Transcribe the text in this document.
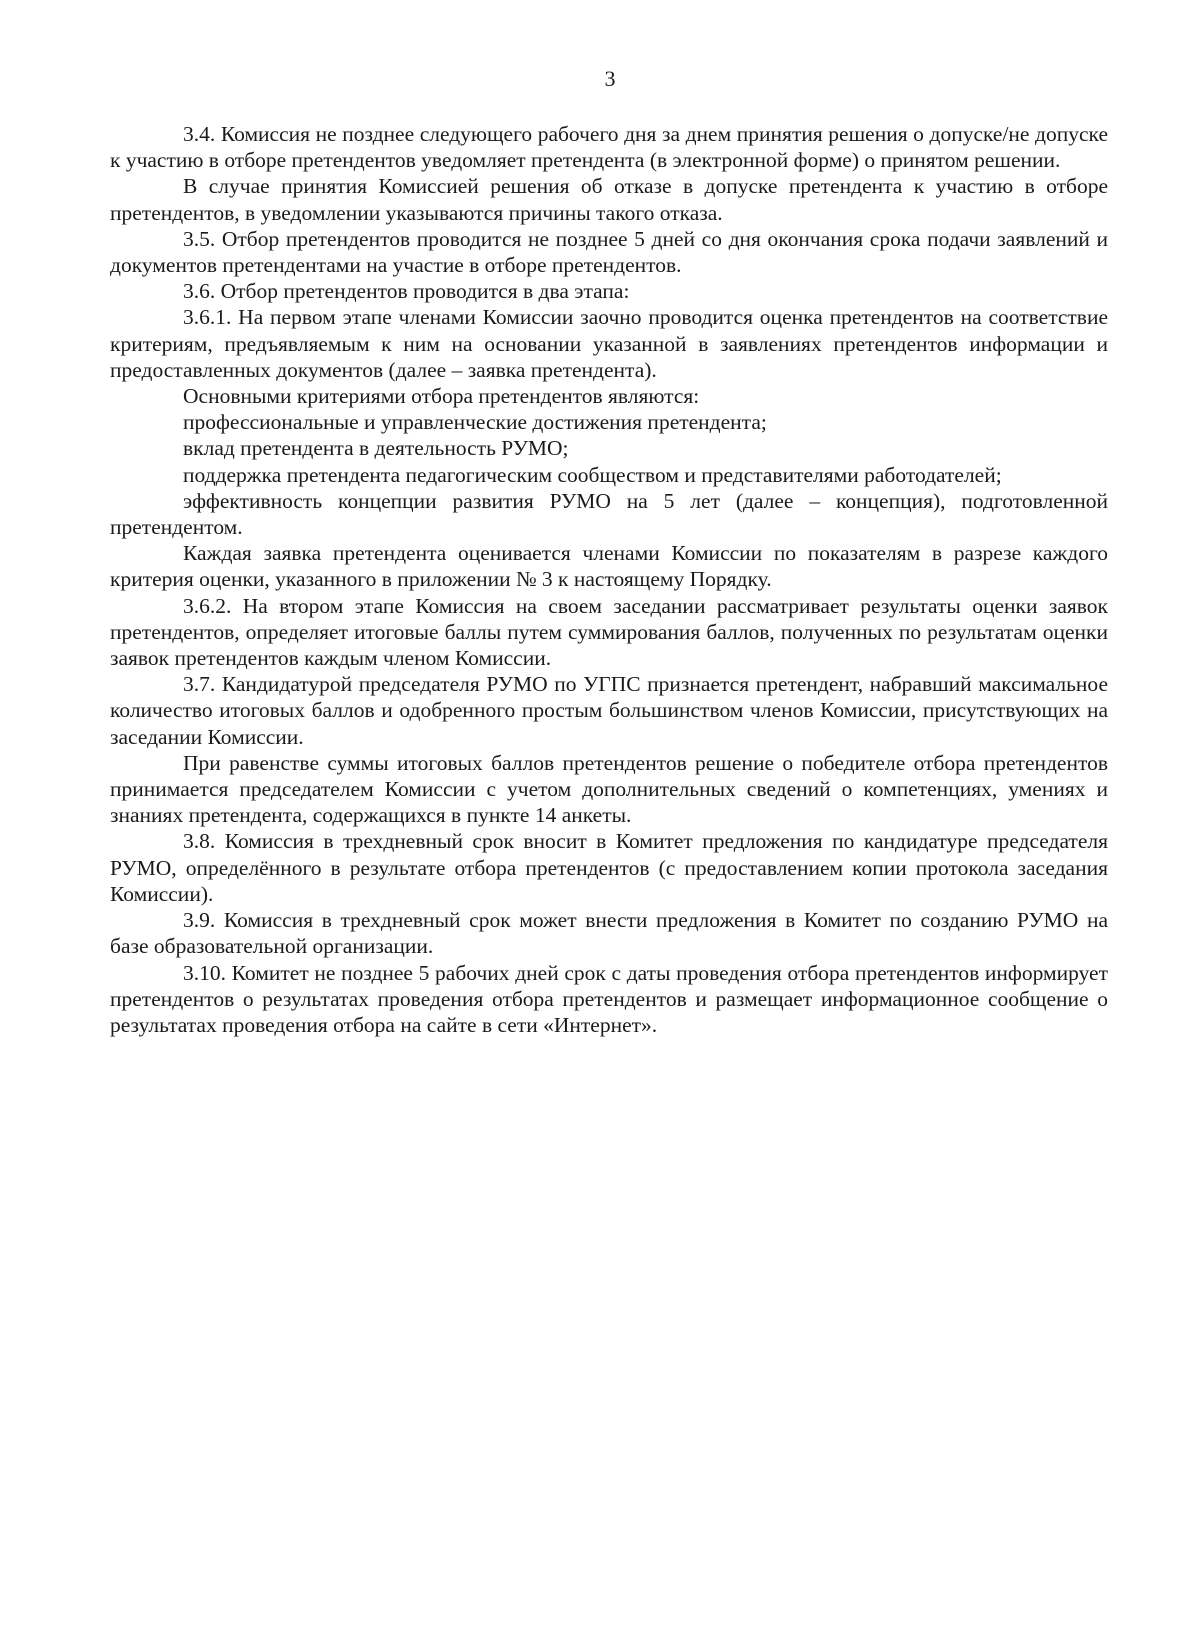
3

3.4. Комиссия не позднее следующего рабочего дня за днем принятия решения о допуске/не допуске к участию в отборе претендентов уведомляет претендента (в электронной форме) о принятом решении.

В случае принятия Комиссией решения об отказе в допуске претендента к участию в отборе претендентов, в уведомлении указываются причины такого отказа.

3.5. Отбор претендентов проводится не позднее 5 дней со дня окончания срока подачи заявлений и документов претендентами на участие в отборе претендентов.

3.6. Отбор претендентов проводится в два этапа:

3.6.1. На первом этапе членами Комиссии заочно проводится оценка претендентов на соответствие критериям, предъявляемым к ним на основании указанной в заявлениях претендентов информации и предоставленных документов (далее – заявка претендента).

Основными критериями отбора претендентов являются:

профессиональные и управленческие достижения претендента;

вклад претендента в деятельность РУМО;

поддержка претендента педагогическим сообществом и представителями работодателей;

эффективность концепции развития РУМО на 5 лет (далее – концепция), подготовленной претендентом.

Каждая заявка претендента оценивается членами Комиссии по показателям в разрезе каждого критерия оценки, указанного в приложении № 3 к настоящему Порядку.

3.6.2. На втором этапе Комиссия на своем заседании рассматривает результаты оценки заявок претендентов, определяет итоговые баллы путем суммирования баллов, полученных по результатам оценки заявок претендентов каждым членом Комиссии.

3.7. Кандидатурой председателя РУМО по УГПС признается претендент, набравший максимальное количество итоговых баллов и одобренного простым большинством членов Комиссии, присутствующих на заседании Комиссии.

При равенстве суммы итоговых баллов претендентов решение о победителе отбора претендентов принимается председателем Комиссии с учетом дополнительных сведений о компетенциях, умениях и знаниях претендента, содержащихся в пункте 14 анкеты.

3.8. Комиссия в трехдневный срок вносит в Комитет предложения по кандидатуре председателя РУМО, определённого в результате отбора претендентов (с предоставлением копии протокола заседания Комиссии).

3.9. Комиссия в трехдневный срок может внести предложения в Комитет по созданию РУМО на базе образовательной организации.

3.10. Комитет не позднее 5 рабочих дней срок с даты проведения отбора претендентов информирует претендентов о результатах проведения отбора претендентов и размещает информационное сообщение о результатах проведения отбора на сайте в сети «Интернет».
